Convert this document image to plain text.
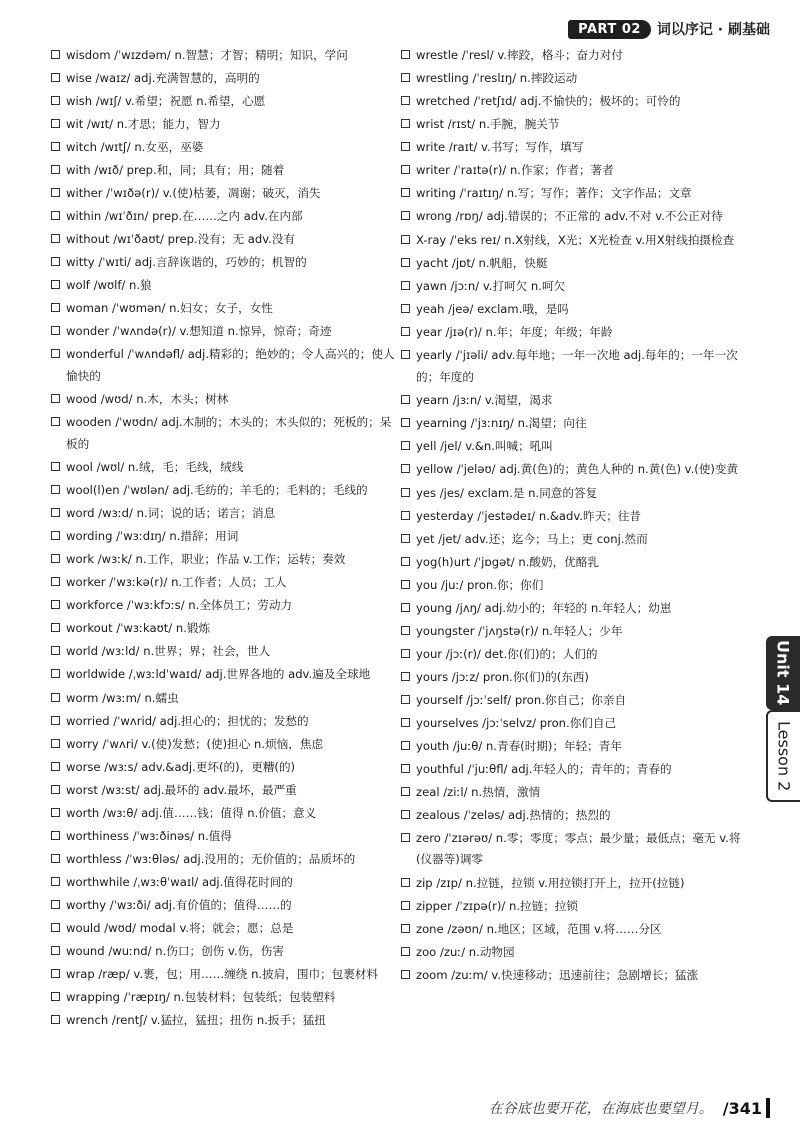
PART 02	词以序记 · 刷基础
wisdom /ˈwɪzdəm/ n.智慧；才智；精明；知识，学问
wise /waɪz/ adj.充满智慧的，高明的
wish /wɪʃ/ v.希望；祝愿 n.希望，心愿
wit /wɪt/ n.才思；能力，智力
witch /wɪtʃ/ n.女巫，巫婆
with /wɪð/ prep.和，同；具有；用；随着
wither /ˈwɪðə(r)/ v.(使)枯萎，凋谢；破灭，消失
within /wɪˈðɪn/ prep.在……之内 adv.在内部
without /wɪˈðaʊt/ prep.没有；无 adv.没有
witty /ˈwɪti/ adj.言辞诙谐的，巧妙的；机智的
wolf /wʊlf/ n.狼
woman /ˈwʊmən/ n.妇女；女子，女性
wonder /ˈwʌndə(r)/ v.想知道 n.惊异，惊奇；奇迹
wonderful /ˈwʌndəfl/ adj.精彩的；绝妙的；令人高兴的；使人愉快的
wood /wʊd/ n.木，木头；树林
wooden /ˈwʊdn/ adj.木制的；木头的；木头似的；死板的；呆板的
wool /wʊl/ n.绒，毛；毛线，绒线
wool(l)en /ˈwʊlən/ adj.毛纺的；羊毛的；毛料的；毛线的
word /wɜːd/ n.词；说的话；诺言；消息
wording /ˈwɜːdɪŋ/ n.措辞；用词
work /wɜːk/ n.工作，职业；作品 v.工作；运转；奏效
worker /ˈwɜːkə(r)/ n.工作者；人员；工人
workforce /ˈwɜːkfɔːs/ n.全体员工；劳动力
workout /ˈwɜːkaʊt/ n.锻炼
world /wɜːld/ n.世界；界；社会，世人
worldwide /ˌwɜːldˈwaɪd/ adj.世界各地的 adv.遍及全球地
worm /wɜːm/ n.蠕虫
worried /ˈwʌrid/ adj.担心的；担忧的；发愁的
worry /ˈwʌri/ v.(使)发愁；(使)担心 n.烦恼，焦虑
worse /wɜːs/ adv.&adj.更坏(的)，更糟(的)
worst /wɜːst/ adj.最坏的 adv.最坏，最严重
worth /wɜːθ/ adj.值……钱；值得 n.价值；意义
worthiness /ˈwɜːðinəs/ n.值得
worthless /ˈwɜːθləs/ adj.没用的；无价值的；品质坏的
worthwhile /ˌwɜːθˈwaɪl/ adj.值得花时间的
worthy /ˈwɜːði/ adj.有价值的；值得……的
would /wʊd/ modal v.将；就会；愿；总是
wound /wuːnd/ n.伤口；创伤 v.伤，伤害
wrap /ræp/ v.裹，包；用……缠绕 n.披肩，围巾；包裹材料
wrapping /ˈræpɪŋ/ n.包装材料；包装纸；包装塑料
wrench /rentʃ/ v.猛拉，猛扭；扭伤 n.扳手；猛扭
wrestle /ˈresl/ v.摔跤，格斗；奋力对付
wrestling /ˈreslɪŋ/ n.摔跤运动
wretched /ˈretʃɪd/ adj.不愉快的；极坏的；可怜的
wrist /rɪst/ n.手腕，腕关节
write /raɪt/ v.书写；写作，填写
writer /ˈraɪtə(r)/ n.作家；作者；著者
writing /ˈraɪtɪŋ/ n.写；写作；著作；文字作品；文章
wrong /rɒŋ/ adj.错误的；不正常的 adv.不对 v.不公正对待
X-ray /ˈeks reɪ/ n.X射线，X光；X光检查 v.用X射线拍摄检查
yacht /jɒt/ n.帆船，快艇
yawn /jɔːn/ v.打呵欠 n.呵欠
yeah /jeə/ exclam.哦，是吗
year /jɪə(r)/ n.年；年度；年级；年龄
yearly /ˈjɪəli/ adv.每年地；一年一次地 adj.每年的；一年一次的；年度的
yearn /jɜːn/ v.渴望，渴求
yearning /ˈjɜːnɪŋ/ n.渴望；向往
yell /jel/ v.&n.叫喊；吼叫
yellow /ˈjeləʊ/ adj.黄(色)的；黄色人种的 n.黄(色) v.(使)变黄
yes /jes/ exclam.是 n.同意的答复
yesterday /ˈjestədeɪ/ n.&adv.昨天；往昔
yet /jet/ adv.还；迄今；马上；更 conj.然而
yog(h)urt /ˈjɒgət/ n.酸奶，优酪乳
you /juː/ pron.你；你们
young /jʌŋ/ adj.幼小的；年轻的 n.年轻人；幼崽
youngster /ˈjʌŋstə(r)/ n.年轻人；少年
your /jɔː(r)/ det.你(们)的；人们的
yours /jɔːz/ pron.你(们)的(东西)
yourself /jɔːˈself/ pron.你自己；你亲自
yourselves /jɔːˈselvz/ pron.你们自己
youth /juːθ/ n.青春(时期)；年轻；青年
youthful /ˈjuːθfl/ adj.年轻人的；青年的；青春的
zeal /ziːl/ n.热情，激情
zealous /ˈzeləs/ adj.热情的；热烈的
zero /ˈzɪərəʊ/ n.零；零度；零点；最少量；最低点；毫无 v.将(仪器等)调零
zip /zɪp/ n.拉链，拉锁 v.用拉锁打开上，拉开(拉链)
zipper /ˈzɪpə(r)/ n.拉链；拉锁
zone /zəʊn/ n.地区；区域，范围 v.将……分区
zoo /zuː/ n.动物园
zoom /zuːm/ v.快速移动；迅速前往；急剧增长；猛涨
Unit 14
Lesson 2
在谷底也要开花，在海底也要望月。 /341
